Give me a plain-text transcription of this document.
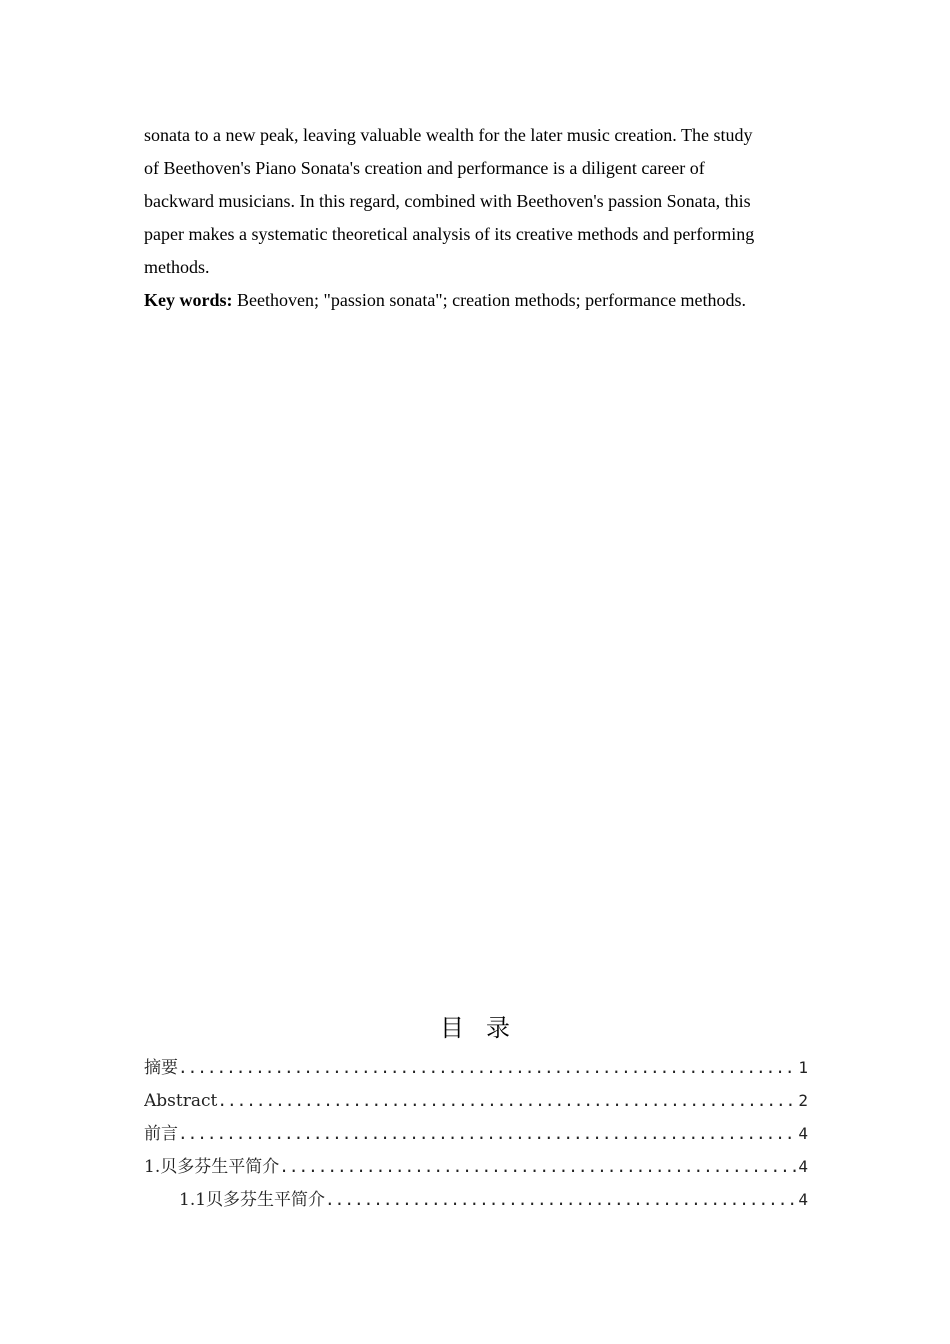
sonata to a new peak, leaving valuable wealth for the later music creation. The study

of Beethoven's Piano Sonata's creation and performance is a diligent career of

backward musicians. In this regard, combined with Beethoven's passion Sonata, this

paper makes a systematic theoretical analysis of its creative methods and performing

methods.

Key words: Beethoven; "passion sonata"; creation methods; performance methods.

目录
摘要 .....	1
Abstract .....	2
前言 .....	4
1.贝多芬生平简介 .....	4
1.1贝多芬生平简介 .....	4
